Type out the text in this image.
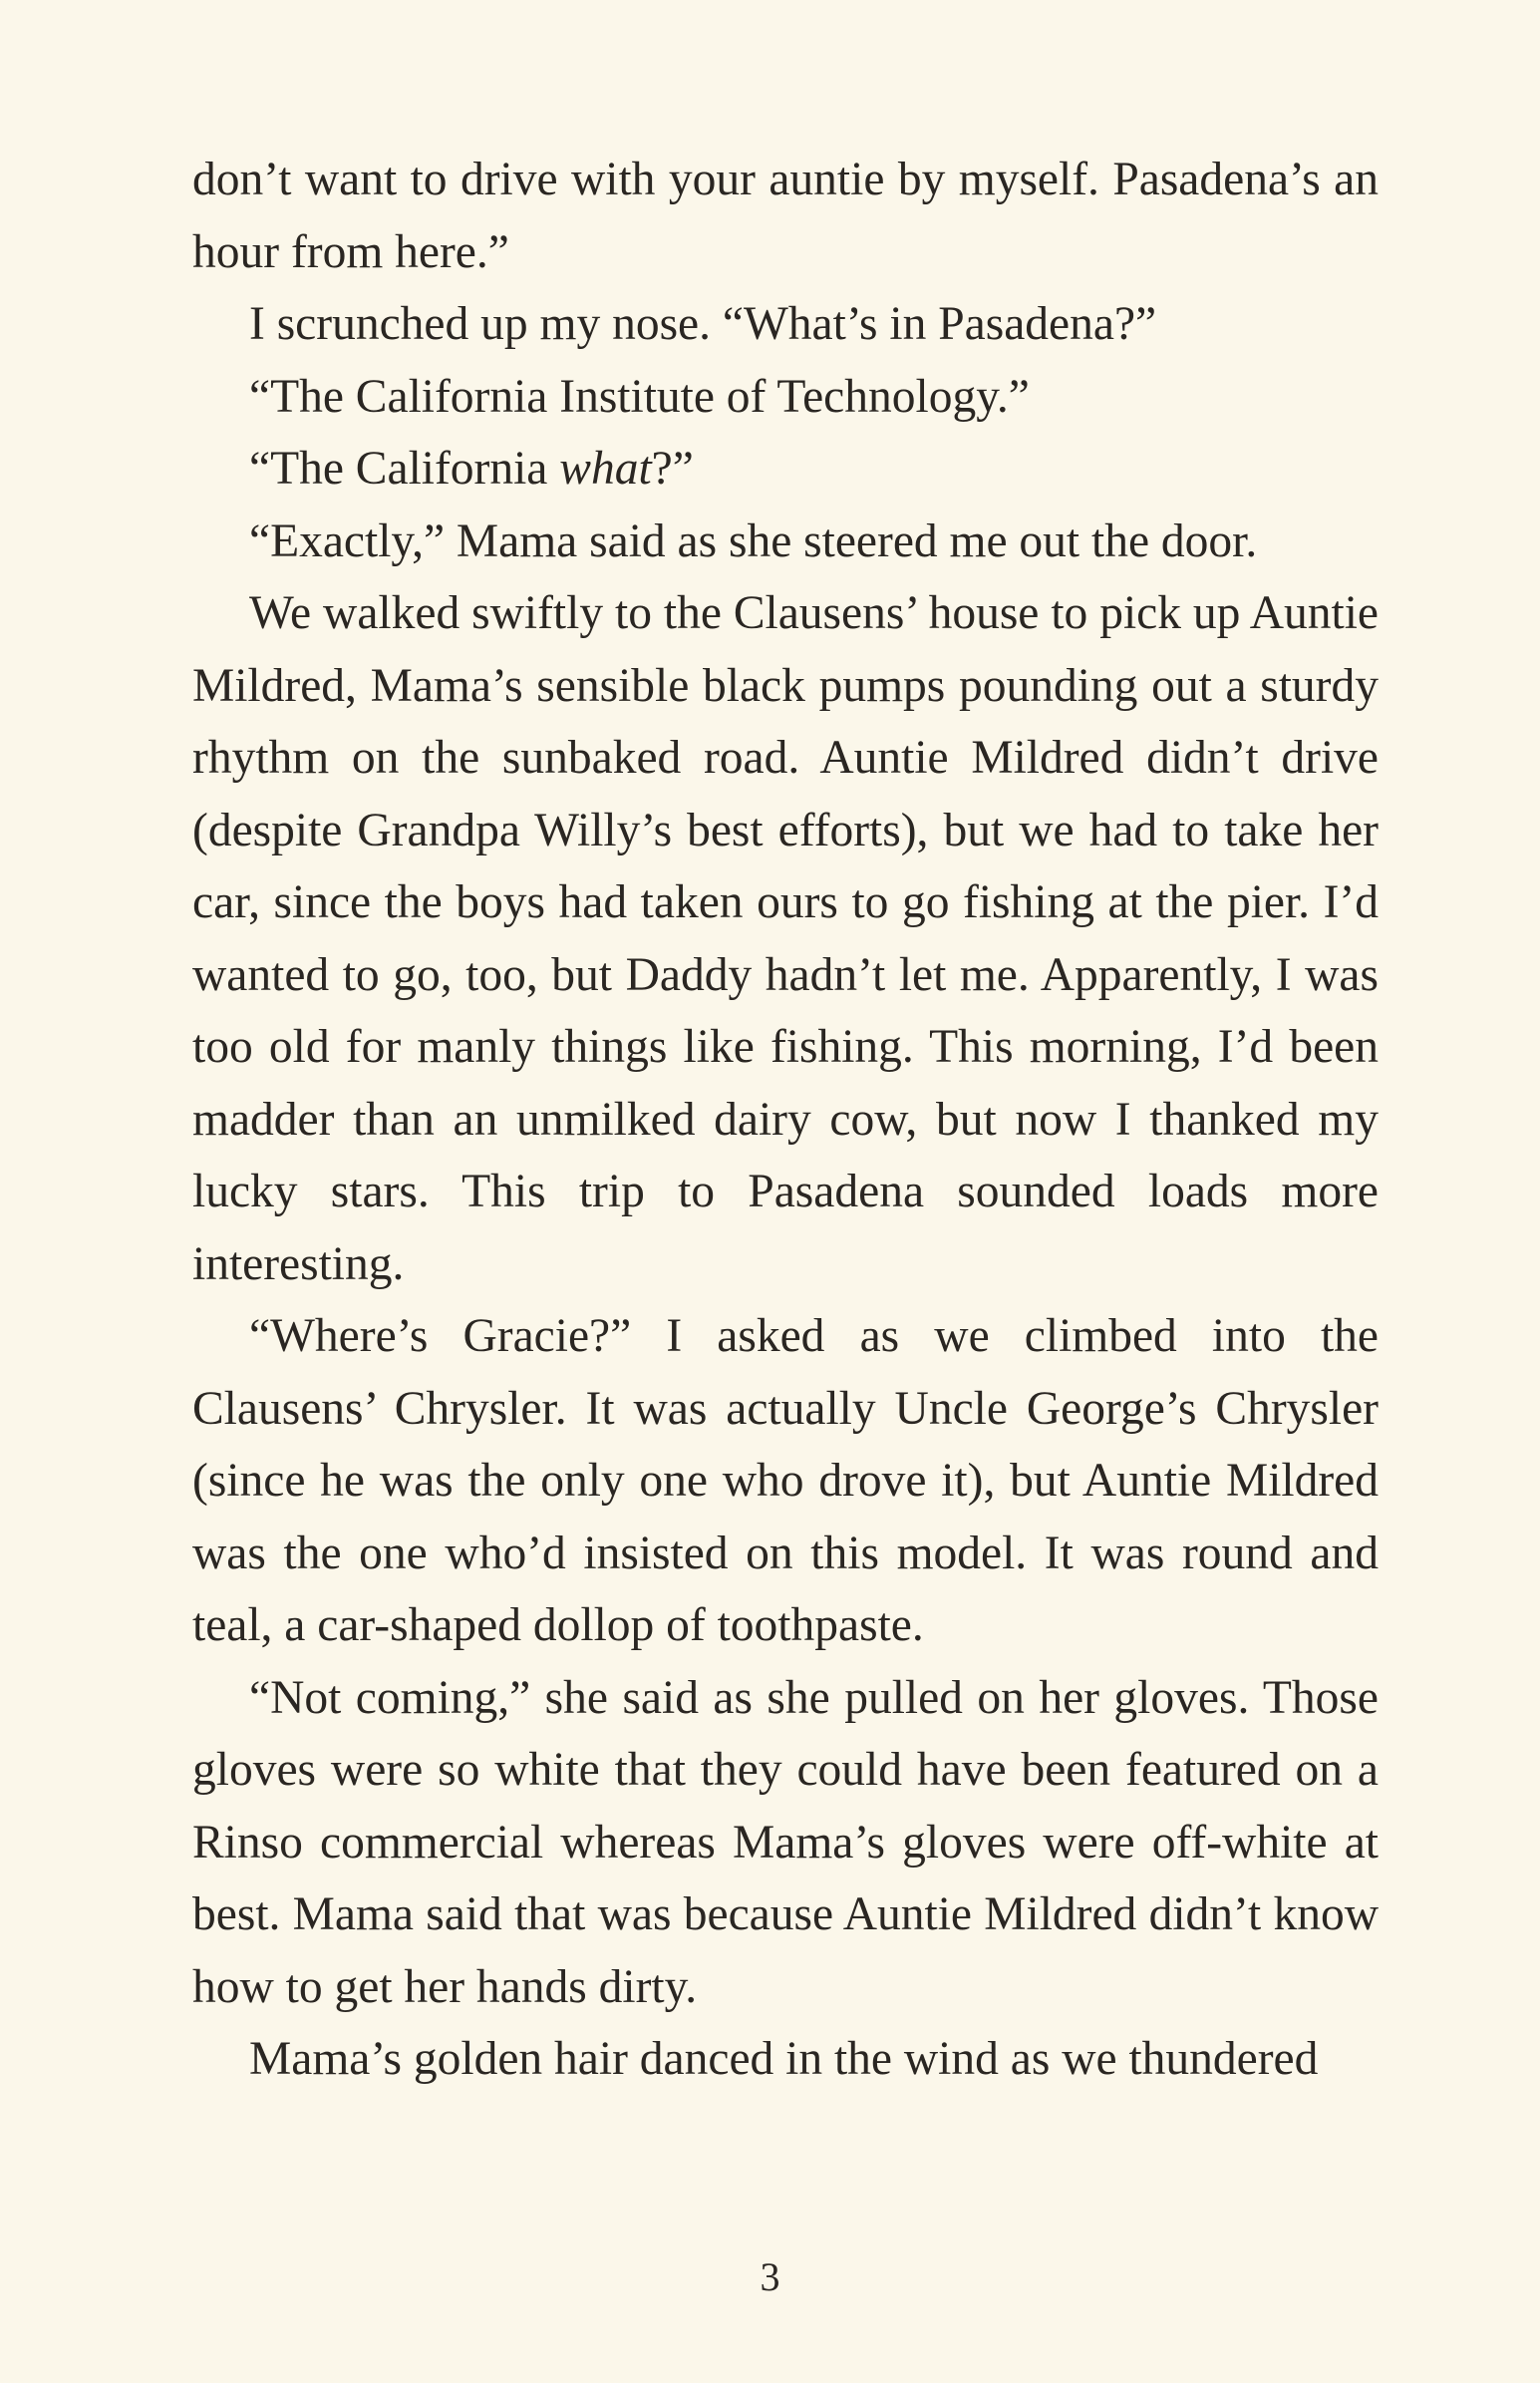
don’t want to drive with your auntie by myself. Pasadena’s an hour from here.”

I scrunched up my nose. “What’s in Pasadena?”

“The California Institute of Technology.”

“The California what?”

“Exactly,” Mama said as she steered me out the door.

We walked swiftly to the Clausens’ house to pick up Auntie Mildred, Mama’s sensible black pumps pounding out a sturdy rhythm on the sunbaked road. Auntie Mildred didn’t drive (despite Grandpa Willy’s best efforts), but we had to take her car, since the boys had taken ours to go fishing at the pier. I’d wanted to go, too, but Daddy hadn’t let me. Apparently, I was too old for manly things like fishing. This morning, I’d been madder than an unmilked dairy cow, but now I thanked my lucky stars. This trip to Pasadena sounded loads more interesting.

“Where’s Gracie?” I asked as we climbed into the Clausens’ Chrysler. It was actually Uncle George’s Chrysler (since he was the only one who drove it), but Auntie Mildred was the one who’d insisted on this model. It was round and teal, a car-shaped dollop of toothpaste.

“Not coming,” she said as she pulled on her gloves. Those gloves were so white that they could have been featured on a Rinso commercial whereas Mama’s gloves were off-white at best. Mama said that was because Auntie Mildred didn’t know how to get her hands dirty.

Mama’s golden hair danced in the wind as we thundered

3
